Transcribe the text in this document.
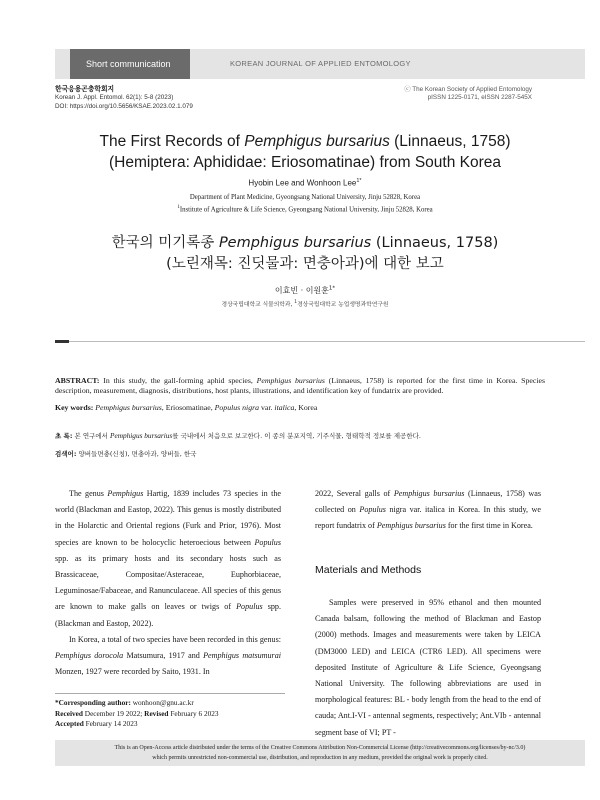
Short communication	KOREAN JOURNAL OF APPLIED ENTOMOLOGY
한국응용곤충학회지
Korean J. Appl. Entomol. 62(1): 5-8 (2023)
DOI: https://doi.org/10.5656/KSAE.2023.02.1.079
ⓒ The Korean Society of Applied Entomology
pISSN 1225-0171, eISSN 2287-545X
The First Records of Pemphigus bursarius (Linnaeus, 1758)
(Hemiptera: Aphididae: Eriosomatinae) from South Korea
Hyobin Lee and Wonhoon Lee$^{1*}$
Department of Plant Medicine, Gyeongsang National University, Jinju 52828, Korea
$^1$Institute of Agriculture & Life Science, Gyeongsang National University, Jinju 52828, Korea
한국의 미기록종 Pemphigus bursarius (Linnaeus, 1758)
(노린재목: 진딧물과: 면충아과)에 대한 보고
이효빈 · 이원훈$^{1*}$
경상국립대학교 식물의학과, $^1$경상국립대학교 농업생명과학연구원
ABSTRACT: In this study, the gall-forming aphid species, Pemphigus bursarius (Linnaeus, 1758) is reported for the first time in Korea. Species description, measurement, diagnosis, distributions, host plants, illustrations, and identification key of fundatrix are provided.
Key words: Pemphigus bursarius, Eriosomatinae, Populus nigra var. italica, Korea
초 록: 본 연구에서 Pemphigus bursarius를 국내에서 처음으로 보고한다. 이 종의 분포지역, 기주식물, 형태학적 정보를 제공한다.
검색어: 양버들면충(신칭), 면충아과, 양버들, 한국

The genus Pemphigus Hartig, 1839 includes 73 species in the world (Blackman and Eastop, 2022). This genus is mostly distributed in the Holarctic and Oriental regions (Furk and Prior, 1976). Most species are known to be holocyclic heteroecious between Populus spp. as its primary hosts and its secondary hosts such as Brassicaceae, Compositae/Asteraceae, Euphorbiaceae, Leguminosae/Fabaceae, and Ranunculaceae. All species of this genus are known to make galls on leaves or twigs of Populus spp. (Blackman and Eastop, 2022).

In Korea, a total of two species have been recorded in this genus: Pemphigus dorocola Matsumura, 1917 and Pemphigus matsumurai Monzen, 1927 were recorded by Saito, 1931. In

2022, Several galls of Pemphigus bursarius (Linnaeus, 1758) was collected on Populus nigra var. italica in Korea. In this study, we report fundatrix of Pemphigus bursarius for the first time in Korea.

Materials and Methods

Samples were preserved in 95% ethanol and then mounted Canada balsam, following the method of Blackman and Eastop (2000) methods. Images and measurements were taken by LEICA (DM3000 LED) and LEICA (CTR6 LED). All specimens were deposited Institute of Agriculture & Life Science, Gyeongsang National University. The following abbreviations are used in morphological features: BL - body length from the head to the end of cauda; Ant.I-VI - antennal segments, respectively; Ant.VIb - antennal segment base of VI; PT -

*Corresponding author: wonhoon@gnu.ac.kr
Received December 19 2022; Revised February 6 2023
Accepted February 14 2023
This is an Open-Access article distributed under the terms of the Creative Commons Attribution Non-Commercial License (http://creativecommons.org/licenses/by-nc/3.0)
which permits unrestricted non-commercial use, distribution, and reproduction in any medium, provided the original work is properly cited.
